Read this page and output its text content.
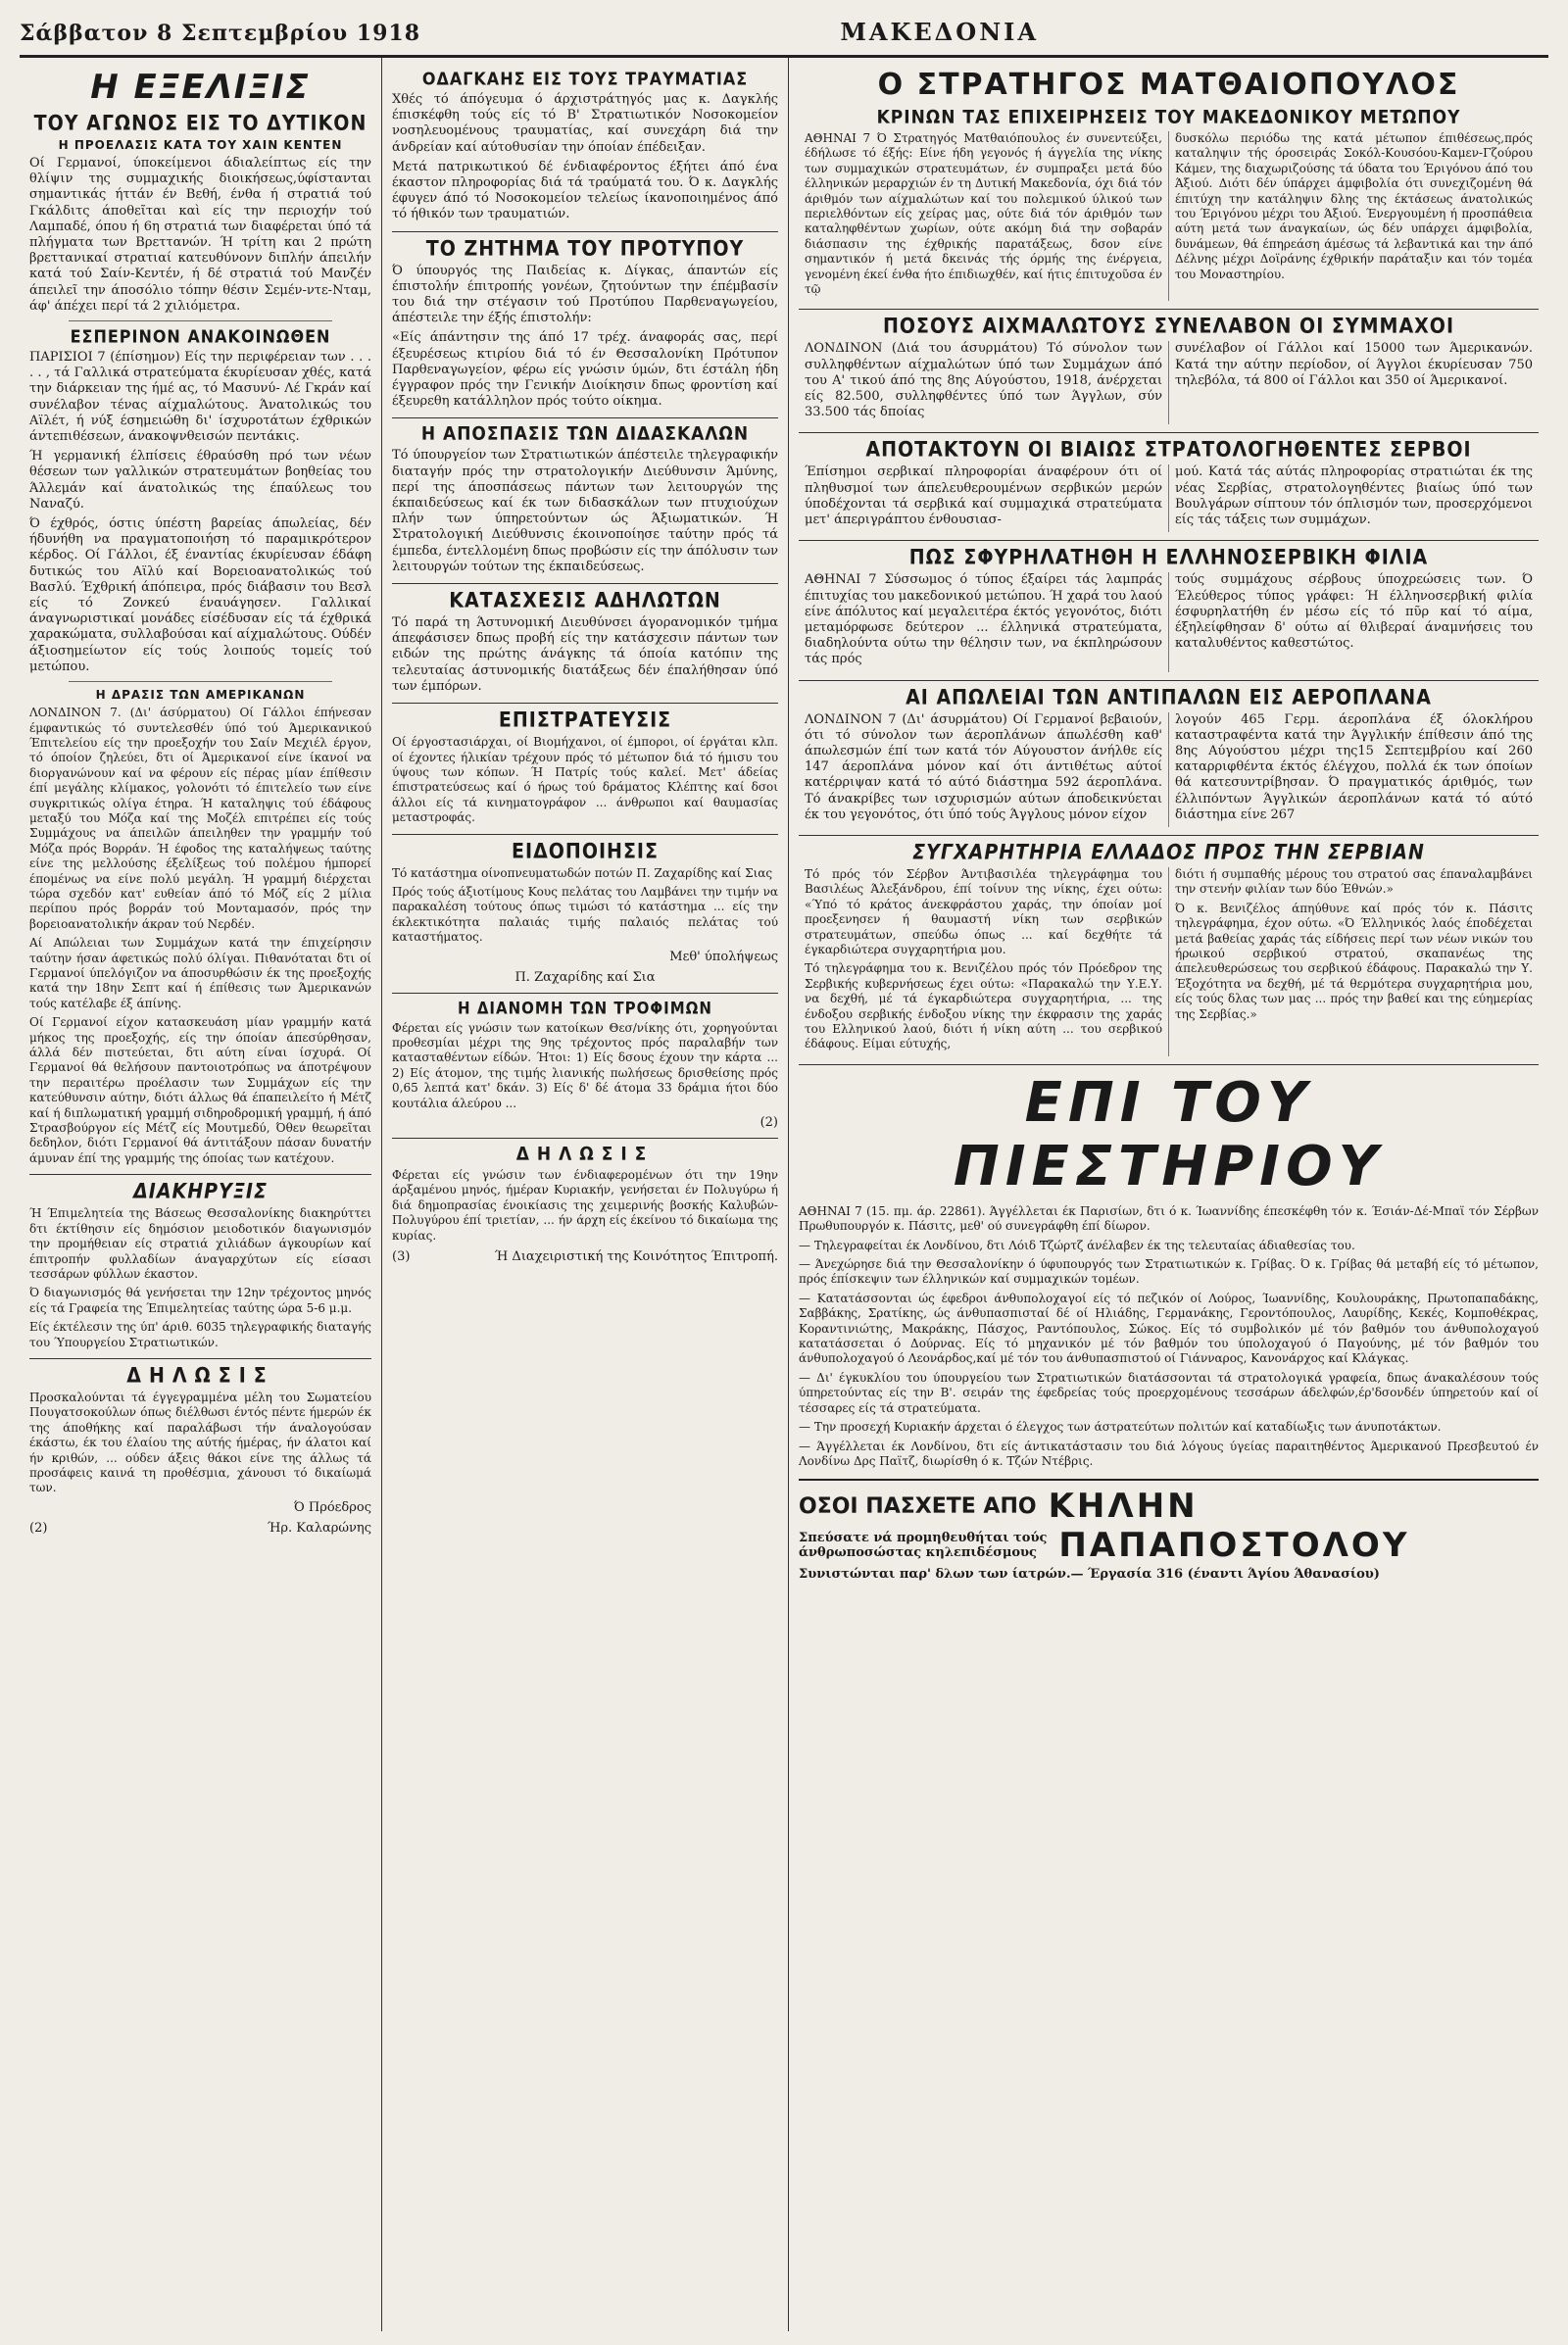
Σάββατον 8 Σεπτεμβρίου 1918	ΜΑΚΕΔΟΝΙΑ
Η ΕΞΕΛΙΞΙΣ
ΤΟΥ ΑΓΩΝΟΣ ΕΙΣ ΤΟ ΔΥΤΙΚΟΝ
Η ΠΡΟΕΛΑΣΙΣ ΚΑΤΑ ΤΟΥ ΧΑΙΝ ΚΕΝΤΕΝ

Οί Γερμανοί, ύποκείμενοι άδιαλείπτως είς την θλίψιν της συμμαχικής διοικήσεως,ύφίστανται σημαντικάς ήττάν έν Βεθή, ένθα ή στρατιά τού Γκάλδιτς άποθεῖται καὶ είς την περιοχήν τού Λαμπαδέ, όπου ή 6η στρατιά των διαφέρεται ύπό τά πλήγματα των Βρεττανών. Ή τρίτη και 2 πρώτη βρεττανικαί στρατιαί κατευθύνονν διπλήν άπειλήν κατά τού Σαίν-Κεντέν, ή δέ στρατιά τού Μανζέν άπειλεῖ την άποσόλιο τόπην θέσιν Σεμέν-ντε-Νταμ, άφ' άπέχει περί τά 2 χιλιόμετρα.

ΕΣΠΕΡΙΝΟΝ ΑΝΑΚΟΙΝΩΘΕΝ

ΠΑΡΙΣΙΟΙ 7 (έπίσημον) Είς την περιφέρειαν των . . . . . , τά Γαλλικά στρατεύματα έκυρίευσαν χθές, κατά την διάρκειαν της ήμέ ας, τό Μασυνύ- Λέ Γκράν καί συνέλαβον τένας αίχμαλώτους. Άνατολικώς του Αϊλέτ, ή νύξ έσημειώθη δι' ίσχυροτάτων έχθρικών άντεπιθέσεων, άνακοψνθεισών πεντάκις.

Ή γερμανική έλπίσεις έθραύσθη πρό των νέων θέσεων των γαλλικών στρατευμάτων βοηθείας του Άλλεμάν καί άνατολικώς της έπαύλεως του Ναναζύ.

Ό έχθρός, όστις ύπέστη βαρείας άπωλείας, δέν ήδυνήθη να πραγματοποιήση τό παραμικρότερον κέρδος. Οί Γάλλοι, έξ έναντίας έκυρίευσαν έδάφη δυτικώς του Αϊλύ καί Βορειοανατολικώς τού Βασλύ. Έχθρική άπόπειρα, πρός διάβασιν του Βεσλ είς τό Ζονκεύ έναυάγησεν. Γαλλικαί άναγνωριστικαί μονάδες είσέδυσαν είς τά έχθρικά χαρακώματα, συλλαβούσαι καί αίχμαλώτους. Ούδέν άξιοσημείωτον είς τούς λοιπούς τομείς τού μετώπου.

Η ΔΡΑΣΙΣ ΤΩΝ ΑΜΕΡΙΚΑΝΩΝ

ΛΟΝΔΙΝΟΝ 7. (Δι' άσύρματου) Οί Γάλλοι έπήνεσαν έμφαντικώς τό συντελεσθέν ύπό τού Άμερικανικού Έπιτελείου είς την προεξοχήν του Σαίν Μεχιέλ έργον, τό όποίον ζηλεύει, δτι οί Άμερικανοί είνε ίκανοί να διοργανώνουν καί να φέρουν είς πέρας μίαν έπίθεσιν έπί μεγάλης κλίμακος, γολονότι τό έπιτελείο των είνε συγκριτικώς ολίγα έτηρα. Ή καταληψις τού έδάφους μεταξύ του Μόζα καί της Μοζέλ επιτρέπει είς τούς Συμμάχους να άπειλῶν άπειληθεν την γραμμήν τού Μόζα πρός Βορράν. Ή έφοδος της καταλήψεως ταύτης είνε της μελλούσης έξελίξεως τού πολέμου ήμπορεί έπομένως να είνε πολύ μεγάλη. Ή γραμμή διέρχεται τώρα σχεδόν κατ' ευθείαν άπό τό Μόζ είς 2 μίλια περίπου πρός βορράν τού Μονταμασόν, πρός την βορειοανατολικήν άκραν τού Νερδέν.

Αί Απώλειαι των Συμμάχων κατά την έπιχείρησιν ταύτην ήσαν άφετικώς πολύ όλίγαι. Πιθανόταται δτι οί Γερμανοί ύπελόγιζον να άποσυρθώσιν έκ της προεξοχής κατά την 18ην Σεπτ καί ή έπίθεσις των Άμερικανών τούς κατέλαβε έξ άπίνης.

Οί Γερμανοί είχον κατασκευάση μίαν γραμμήν κατά μήκος της προεξοχής, είς την όποίαν άπεσύρθησαν, άλλά δέν πιστεύεται, δτι αύτη είναι ίσχυρά. Οί Γερμανοί θά θελήσουν παντοιοτρόπως να άποτρέψουν την περαιτέρω προέλασιν των Συμμάχων είς την κατεύθυνσιν αύτην, διότι άλλως θά έπαπειλείτο ή Μέτζ καί ή διπλωματική γραμμή σιδηροδρομική γραμμή, ή άπό Στρασβούργον είς Μέτζ είς Μουτμεδύ, Όθεν θεωρεῖται δεδηλον, διότι Γερμανοί θά άντιτάξουν πάσαν δυνατήν άμυναν έπί της γραμμής της όποίας των κατέχουν.

ΔΙΑΚΗΡΥΞΙΣ

Ή Έπιμελητεία της Βάσεως Θεσσαλονίκης διακηρύττει δτι έκτίθησιν είς δημόσιον μειοδοτικόν διαγωνισμόν την προμήθειαν είς στρατιά χιλιάδων άγκουρίων καί έπιτροπήν φυλλαδίων άναγαρχύτων είς είσασι τεσσάρων φύλλων έκαστον.

Ό διαγωνισμός θά γενήσεται την 12ην τρέχοντος μηνός είς τά Γραφεία της Έπιμελητείας ταύτης ώρα 5-6 μ.μ.

Είς έκτέλεσιν της ύπ' άριθ. 6035 τηλεγραφικής διαταγής του Ύπουργείου Στρατιωτικών.

ΔΗΛΩΣΙΣ

Προσκαλούνται τά έγγεγραμμένα μέλη του Σωματείου Πουγατσοκούλων όπως διέλθωσι έντός πέντε ήμερών έκ της άποθήκης καί παραλάβωσι τήν άναλογούσαν έκάστω, έκ του έλαίου της αύτής ήμέρας, ήν άλατοι καί ήν κριθών, ... ούδεν άξεις θάκοι είνε της άλλως τά προσάφεις καινά τη προθέσμια, χάνουσι τό δικαίωμά των.

Ό Πρόεδρος
(2)	Ήρ. Καλαρώνης
ΟΔΑΓΚΑΗΣ ΕΙΣ ΤΟΥΣ ΤΡΑΥΜΑΤΙΑΣ

Χθές τό άπόγευμα ό άρχιστράτηγός μας κ. Δαγκλής έπισκέφθη τούς είς τό Β' Στρατιωτικόν Νοσοκομείον νοσηλευομένους τραυματίας, καί συνεχάρη διά την άνδρείαν καί αύτοθυσίαν την όποίαν έπέδειξαν.

Μετά πατρικωτικού δέ ένδιαφέροντος έξήτει άπό ένα έκαστον πληροφορίας διά τά τραύματά του. Ό κ. Δαγκλής έφυγεν άπό τό Νοσοκομείον τελείως ίκανοποιημένος άπό τό ήθικόν των τραυματιών.

ΤΟ ΖΗΤΗΜΑ ΤΟΥ ΠΡΟΤΥΠΟΥ

Ό ύπουργός της Παιδείας κ. Δίγκας, άπαντών είς έπιστολήν έπιτροπής γονέων, ζητούντων την έπέμβασίν του διά την στέγασιν τού Προτύπου Παρθεναγωγείου, άπέστειλε την έξής έπιστολήν:

«Είς άπάντησιν της άπό 17 τρέχ. άναφοράς σας, περί έξευρέσεως κτιρίου διά τό έν Θεσσαλονίκη Πρότυπον Παρθεναγωγείον, φέρω είς γνώσιν ύμών, δτι έστάλη ήδη έγγραφον πρός την Γενικήν Διοίκησιν δπως φροντίση καί έξευρεθη κατάλληλον πρός τούτο οίκημα.

Η ΑΠΟΣΠΑΣΙΣ ΤΩΝ ΔΙΔΑΣΚΑΛΩΝ

Τό ύπουργείον των Στρατιωτικών άπέστειλε τηλεγραφικήν διαταγήν πρός την στρατολογικήν Διεύθυνσιν Άμύνης, περί της άποσπάσεως πάντων των λειτουργών της έκπαιδεύσεως καί έκ των διδασκάλων των πτυχιούχων πλήν των ύπηρετούντων ώς Άξιωματικών. Ή Στρατολογική Διεύθυνσις έκοινοποίησε ταύτην πρός τά έμπεδα, έντελλομένη δπως προβώσιν είς την άπόλυσιν των λειτουργών τούτων της έκπαιδεύσεως.

ΚΑΤΑΣΧΕΣΙΣ ΑΔΗΛΩΤΩΝ

Τό παρά τη Άστυνομική Διευθύνσει άγορανομικόν τμήμα άπεφάσισεν δπως προβή είς την κατάσχεσιν πάντων των ειδών της πρώτης άνάγκης τά όποία κατόπιν της τελευταίας άστυνομικής διατάξεως δέν έπαλήθησαν ύπό των έμπόρων.

ΕΠΙΣΤΡΑΤΕΥΣΙΣ

Οί έργοστασιάρχαι, οί Βιομήχανοι, οί έμποροι, οί έργάται κλπ. οί έχοντες ήλικίαν τρέχουν πρός τό μέτωπον διά τό ήμισυ του ύψους των κόπων. Ή Πατρίς τούς καλεί. Μετ' άδείας έπιστρατεύσεως καί ό ήρως τού δράματος Κλέπτης καί δσοι άλλοι είς τά κινηματογράφον ... άνθρωποι καί θαυμασίας μεταστροφάς.

ΕΙΔΟΠΟΙΗΣΙΣ

Τό κατάστημα οίνοπνευματωδών ποτών Π. Ζαχαρίδης καί Σιας

Πρός τούς άξιοτίμους Κους πελάτας του Λαμβάνει την τιμήν να παρακαλέση τούτους όπως τιμώσι τό κατάστημα ... είς την έκλεκτικότητα παλαιάς τιμής παλαιός πελάτας τού καταστήματος.

Μεθ' ύπολήψεως
Π. Ζαχαρίδης καί Σια
Η ΔΙΑΝΟΜΗ ΤΩΝ ΤΡΟΦΙΜΩΝ

Φέρεται είς γνώσιν των κατοίκων Θεσ/νίκης ότι, χορηγούνται προθεσμίαι μέχρι της 9ης τρέχοντος πρός παραλαβήν των κατασταθέντων είδών. Ήτοι: 1) Είς δσους έχουν την κάρτα ... 2) Είς άτομον, της τιμής λιανικής πωλήσεως δρισθείσης πρός 0,65 λεπτά κατ' δκάν. 3) Είς δ' δέ άτομα 33 δράμια ήτοι δύο κουτάλια άλεύρου ...

(2)
ΔΗΛΩΣΙΣ

Φέρεται είς γνώσιν των ένδιαφερομένων ότι την 19ην άρξαμένου μηνός, ήμέραν Κυριακήν, γενήσεται έν Πολυγύρω ή διά δημοπρασίας ένοικίασις της χειμερινής βοσκής Καλυβών-Πολυγύρου έπί τριετίαν, ... ήν άρχη είς έκείνου τό δικαίωμα της κυρίας.

(3)	Ή Διαχειριστική της Κοινότητος Έπιτροπή.
Ο ΣΤΡΑΤΗΓΟΣ ΜΑΤΘΑΙΟΠΟΥΛΟΣ
ΚΡΙΝΩΝ ΤΑΣ ΕΠΙΧΕΙΡΗΣΕΙΣ ΤΟΥ ΜΑΚΕΔΟΝΙΚΟΥ ΜΕΤΩΠΟΥ

ΑΘΗΝΑΙ 7 Ό Στρατηγός Ματθαιόπουλος έν συνεντεύξει, έδήλωσε τό έξής: Είνε ήδη γεγονός ή άγγελία της νίκης των συμμαχικών στρατευμάτων, έν συμπραξει μετά δύο έλληνικών μεραρχιών έν τη Δυτική Μακεδονία, όχι διά τόν άριθμόν των αίχμαλώτων καί του πολεμικού ύλικού των περιελθόντων είς χείρας μας, ούτε διά τόν άριθμόν των καταληφθέντων χωρίων, ούτε ακόμη διά την σοβαράν διάσπασιν της έχθρικής παρατάξεως, δσον είνε σημαντικόν ή μετά δκεινάς τής όρμής της ένέργεια, γενομένη έκεί ένθα ήτο έπιδιωχθέν, καί ήτις έπιτυχοῦσα έν τῷ

δυσκόλω περιόδω της κατά μέτωπον έπιθέσεως,πρός καταληψιν τής όροσειράς Σοκόλ-Κουσόου-Καμεν-Γζούρου Κάμεν, της διαχωριζούσης τά ύδατα του Έριγόνου άπό του Άξιού. Διότι δέν ύπάρχει άμφιβολία ότι συνεχιζομένη θά έπιτύχη την κατάληψιν δλης της έκτάσεως άνατολικώς του Έριγόνου μέχρι του Άξιού. Ένεργουμένη ή προσπάθεια αύτη μετά των άναγκαίων, ώς δέν υπάρχει άμφιβολία, δυνάμεων, θά έπηρεάση άμέσως τά λεβαντικά και την άπό Δέλνης μέχρι Δοϊράνης έχθρικήν παράταξιν και τόν τομέα του Μοναστηρίου.

ΠΟΣΟΥΣ ΑΙΧΜΑΛΩΤΟΥΣ ΣΥΝΕΛΑΒΟΝ ΟΙ ΣΥΜΜΑΧΟΙ

ΛΟΝΔΙΝΟΝ (Διά του άσυρμάτου) Τό σύνολον των συλληφθέντων αίχμαλώτων ύπό των Συμμάχων άπό του Α' τικού άπό της 8ης Αύγούστου, 1918, άνέρχεται είς 82.500, συλληφθέντες ύπό των Άγγλων, σύν 33.500 τάς δποίας

συνέλαβον οί Γάλλοι καί 15000 των Άμερικανών. Κατά την αύτην περίοδον, οί Άγγλοι έκυρίευσαν 750 τηλεβόλα, τά 800 οί Γάλλοι και 350 οί Άμερικανοί.

ΑΠΟΤΑΚΤΟΥΝ ΟΙ ΒΙΑΙΩΣ ΣΤΡΑΤΟΛΟΓΗΘΕΝΤΕΣ ΣΕΡΒΟΙ

Έπίσημοι σερβικαί πληροφορίαι άναφέρουν ότι οί πληθυσμοί των άπελευθερουμένων σερβικών μερών ύποδέχονται τά σερβικά καί συμμαχικά στρατεύματα μετ' άπεριγράπτου ένθουσιασ-

μού. Κατά τάς αύτάς πληροφορίας στρατιώται έκ της νέας Σερβίας, στρατολογηθέντες βιαίως ύπό των Βουλγάρων σίπτουν τόν όπλισμόν των, προσερχόμενοι είς τάς τάξεις των συμμάχων.

ΠΩΣ ΣΦΥΡΗΛΑΤΗΘΗ Η ΕΛΛΗΝΟΣΕΡΒΙΚΗ ΦΙΛΙΑ

ΑΘΗΝΑΙ 7 Σύσσωμος ό τύπος έξαίρει τάς λαμπράς έπιτυχίας του μακεδονικού μετώπου. Ή χαρά του λαού είνε άπόλυτος καί μεγαλειτέρα έκτός γεγονότος, διότι μεταμόρφωσε δεύτερον ... έλληνικά στρατεύματα, διαδηλούντα ούτω την θέλησιν των, να έκπληρώσουν τάς πρός

τούς συμμάχους σέρβους ύποχρεώσεις των. Ό Έλεύθερος τύπος γράφει: Ή έλληνοσερβική φιλία έσφυρηλατήθη έν μέσω είς τό πῦρ καί τό αίμα, έξηλείφθησαν δ' ούτω αί θλιβεραί άναμνήσεις του καταλυθέντος καθεστώτος.

ΑΙ ΑΠΩΛΕΙΑΙ ΤΩΝ ΑΝΤΙΠΑΛΩΝ ΕΙΣ ΑΕΡΟΠΛΑΝΑ

ΛΟΝΔΙΝΟΝ 7 (Δι' άσυρμάτου) Οί Γερμανοί βεβαιούν, ότι τό σύνολον των άεροπλάνων άπωλέσθη καθ' άπωλεσμών έπί των κατά τόν Αύγουστον άνήλθε είς 147 άεροπλάνα μόνον καί ότι άντιθέτως αύτοί κατέρριψαν κατά τό αύτό διάστημα 592 άεροπλάνα. Τό άνακρίβες των ισχυρισμών αύτων άποδεικνύεται έκ του γεγονότος, ότι ύπό τούς Άγγλους μόνον είχον

λογούν 465 Γερμ. άεροπλάνα έξ όλοκλήρου καταστραφέντα κατά την Άγγλικήν έπίθεσιν άπό της 8ης Αύγούστου μέχρι της15 Σεπτεμβρίου καί 260 καταρριφθέντα έκτός έλέγχου, πολλά έκ των όποίων θά κατεσυντρίβησαν. Ό πραγματικός άριθμός, των έλλιπόντων Άγγλικών άεροπλάνων κατά τό αύτό διάστημα είνε 267

ΣΥΓΧΑΡΗΤΗΡΙΑ ΕΛΛΑΔΟΣ ΠΡΟΣ ΤΗΝ ΣΕΡΒΙΑΝ

Τό πρός τόν Σέρβον Άντιβασιλέα τηλεγράφημα του Βασιλέως Άλεξάνδρου, έπί τοίνυν της νίκης, έχει ούτω: «Ύπό τό κράτος άνεκφράστου χαράς, την όποίαν μοί προεξενησεν ή θαυμαστή νίκη των σερβικών στρατευμάτων, σπεύδω όπως ... καί δεχθήτε τά έγκαρδιώτερα συγχαρητήρια μου.

Τό τηλεγράφημα του κ. Βενιζέλου πρός τόν Πρόεδρον της Σερβικής κυβερνήσεως έχει ούτω: «Παρακαλώ την Υ.Ε.Υ. να δεχθή, μέ τά έγκαρδιώτερα συγχαρητήρια, ... της ένδοξου σερβικής ένδοξου νίκης την έκφρασιν της χαράς του Ελληνικού λαού, διότι ή νίκη αύτη ... του σερβικού έδάφους. Είμαι εύτυχής,

διότι ή συμπαθής μέρους του στρατού σας έπαναλαμβάνει την στενήν φιλίαν των δύο Έθνών.»

Ό κ. Βενιζέλος άπηύθυνε καί πρός τόν κ. Πάσιτς τηλεγράφημα, έχον ούτω. «Ό Έλληνικός λαός έποδέχεται μετά βαθείας χαράς τάς είδήσεις περί των νέων νικών του ήρωικού σερβικού στρατού, σκαπανέως της άπελευθερώσεως του σερβικού έδάφους. Παρακαλώ την Υ. Έξοχότητα να δεχθή, μέ τά θερμότερα συγχαρητήρια μου, είς τούς δλας των μας ... πρός την βαθεί και της εύημερίας της Σερβίας.»

ΕΠΙ ΤΟΥ ΠΙΕΣΤΗΡΙΟΥ

ΑΘΗΝΑΙ 7 (15. πμ. άρ. 22861). Άγγέλλεται έκ Παρισίων, δτι ό κ. Ίωαννίδης έπεσκέφθη τόν κ. Έσιάν-Δέ-Μπαϊ τόν Σέρβων Πρωθυπουργόν κ. Πάσιτς, μεθ' ού συνεγράφθη έπί δίωρον.

— Τηλεγραφείται έκ Λονδίνου, δτι Λόιδ Τζώρτζ άνέλαβεν έκ της τελευταίας άδιαθεσίας του.

— Άνεχώρησε διά την Θεσσαλονίκην ό ύφυπουργός των Στρατιωτικών κ. Γρίβας. Ό κ. Γρίβας θά μεταβή είς τό μέτωπον, πρός έπίσκεψιν των έλληνικών καί συμμαχικών τομέων.

— Κατατάσσονται ώς έφεδροι άνθυπολοχαγοί είς τό πεζικόν οί Λούρος, Ίωαννίδης, Κουλουράκης, Πρωτοπαπαδάκης, Σαββάκης, Σρατίκης, ώς άνθυπασπισταί δέ οί Ηλιάδης, Γερμανάκης, Γεροντόπουλος, Λαυρίδης, Κεκές, Κομποθέκρας, Κοραντινιώτης, Μακράκης, Πάσχος, Ραντόπουλος, Σώκος. Είς τό συμβολικόν μέ τόν βαθμόν του άνθυπολοχαγού κατατάσσεται ό Δούρνας. Είς τό μηχανικόν μέ τόν βαθμόν του ύπολοχαγού ό Παγούνης, μέ τόν βαθμόν του άνθυπολοχαγού ό Λεονάρδος,καί μέ τόν του άνθυπασπιστού οί Γιάνναρος, Κανονάρχος καί Κλάγκας.

— Δι' έγκυκλίου του ύπουργείου των Στρατιωτικών διατάσσονται τά στρατολογικά γραφεία, δπως άνακαλέσουν τούς ύπηρετούντας είς την Β'. σειράν της έφεδρείας τούς προερχομένους τεσσάρων άδελφών,έρ'δσονδέν ύπηρετούν καί οί τέσσαρες είς τά στρατεύματα.

— Την προσεχή Κυριακήν άρχεται ό έλεγχος των άστρατεύτων πολιτών καί καταδίωξις των άνυποτάκτων.

— Άγγέλλεται έκ Λονδίνου, δτι είς άντικατάστασιν του διά λόγους ύγείας παραιτηθέντος Άμερικανού Πρεσβευτού έν Λονδίνω Δρς Παϊτζ, διωρίσθη ό κ. Τζών Ντέβρις.

ΟΣΟΙ ΠΑΣΧΕΤΕ ΑΠΟ ΚΗΛΗΝ
Σπεύσατε νά προμηθευθήται τούς
άνθρωποσώστας κηλεπιδέσμους ΠΑΠΑΠΟΣΤΟΛΟΥ
Συνιστώνται παρ' δλων των ίατρών.— Έργασία 316 (έναντι Άγίου Άθανασίου)
